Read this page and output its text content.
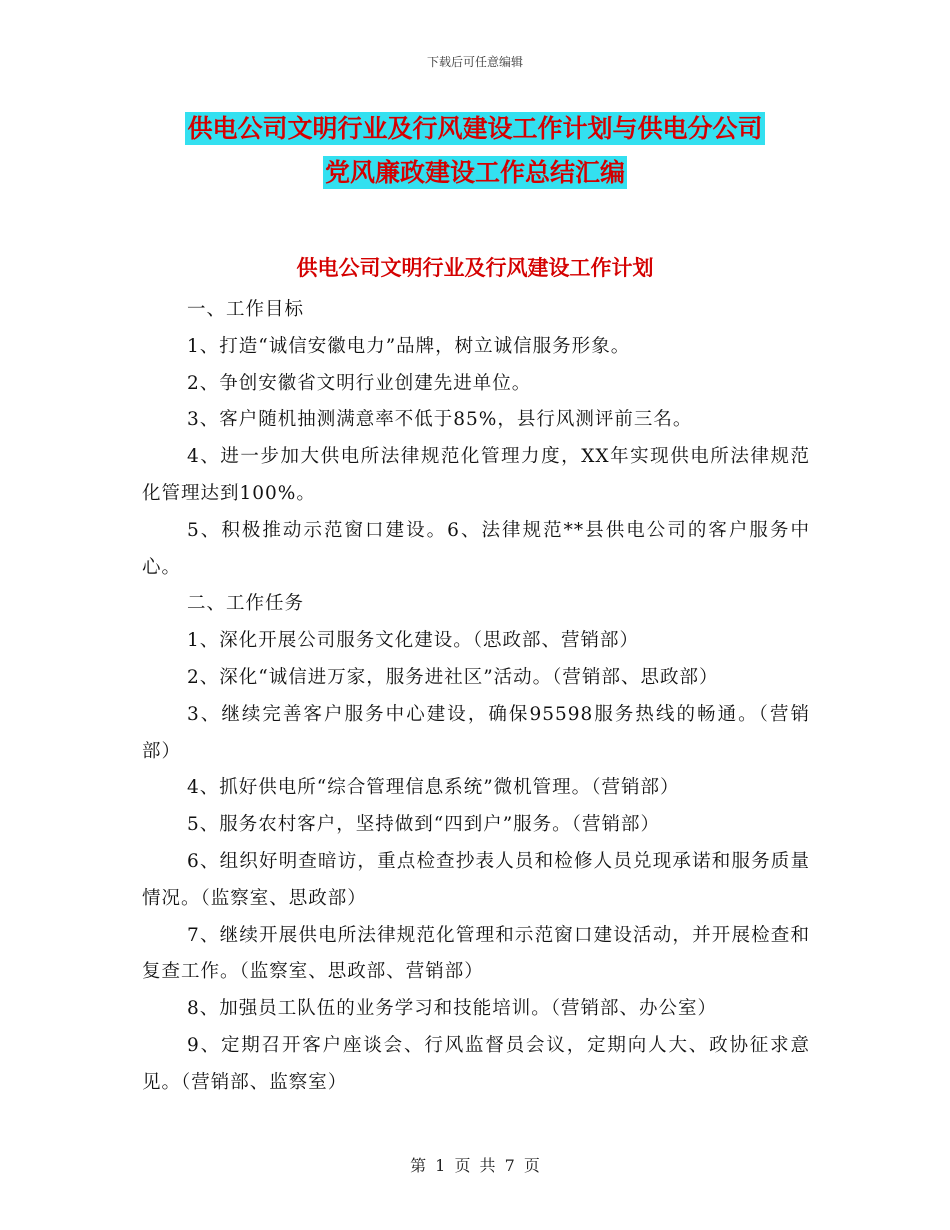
下载后可任意编辑
供电公司文明行业及行风建设工作计划与供电分公司
党风廉政建设工作总结汇编
供电公司文明行业及行风建设工作计划

一、工作目标

1、打造“诚信安徽电力”品牌，树立诚信服务形象。

2、争创安徽省文明行业创建先进单位。

3、客户随机抽测满意率不低于85%，县行风测评前三名。

4、进一步加大供电所法律规范化管理力度，XX年实现供电所法律规范化管理达到100%。

5、积极推动示范窗口建设。6、法律规范**县供电公司的客户服务中心。

二、工作任务

1、深化开展公司服务文化建设。（思政部、营销部）

2、深化“诚信进万家，服务进社区”活动。（营销部、思政部）

3、继续完善客户服务中心建设，确保95598服务热线的畅通。（营销部）

4、抓好供电所“综合管理信息系统”微机管理。（营销部）

5、服务农村客户，坚持做到“四到户”服务。（营销部）

6、组织好明查暗访，重点检查抄表人员和检修人员兑现承诺和服务质量情况。（监察室、思政部）

7、继续开展供电所法律规范化管理和示范窗口建设活动，并开展检查和复查工作。（监察室、思政部、营销部）

8、加强员工队伍的业务学习和技能培训。（营销部、办公室）

9、定期召开客户座谈会、行风监督员会议，定期向人大、政协征求意见。（营销部、监察室）

第 1 页 共 7 页
